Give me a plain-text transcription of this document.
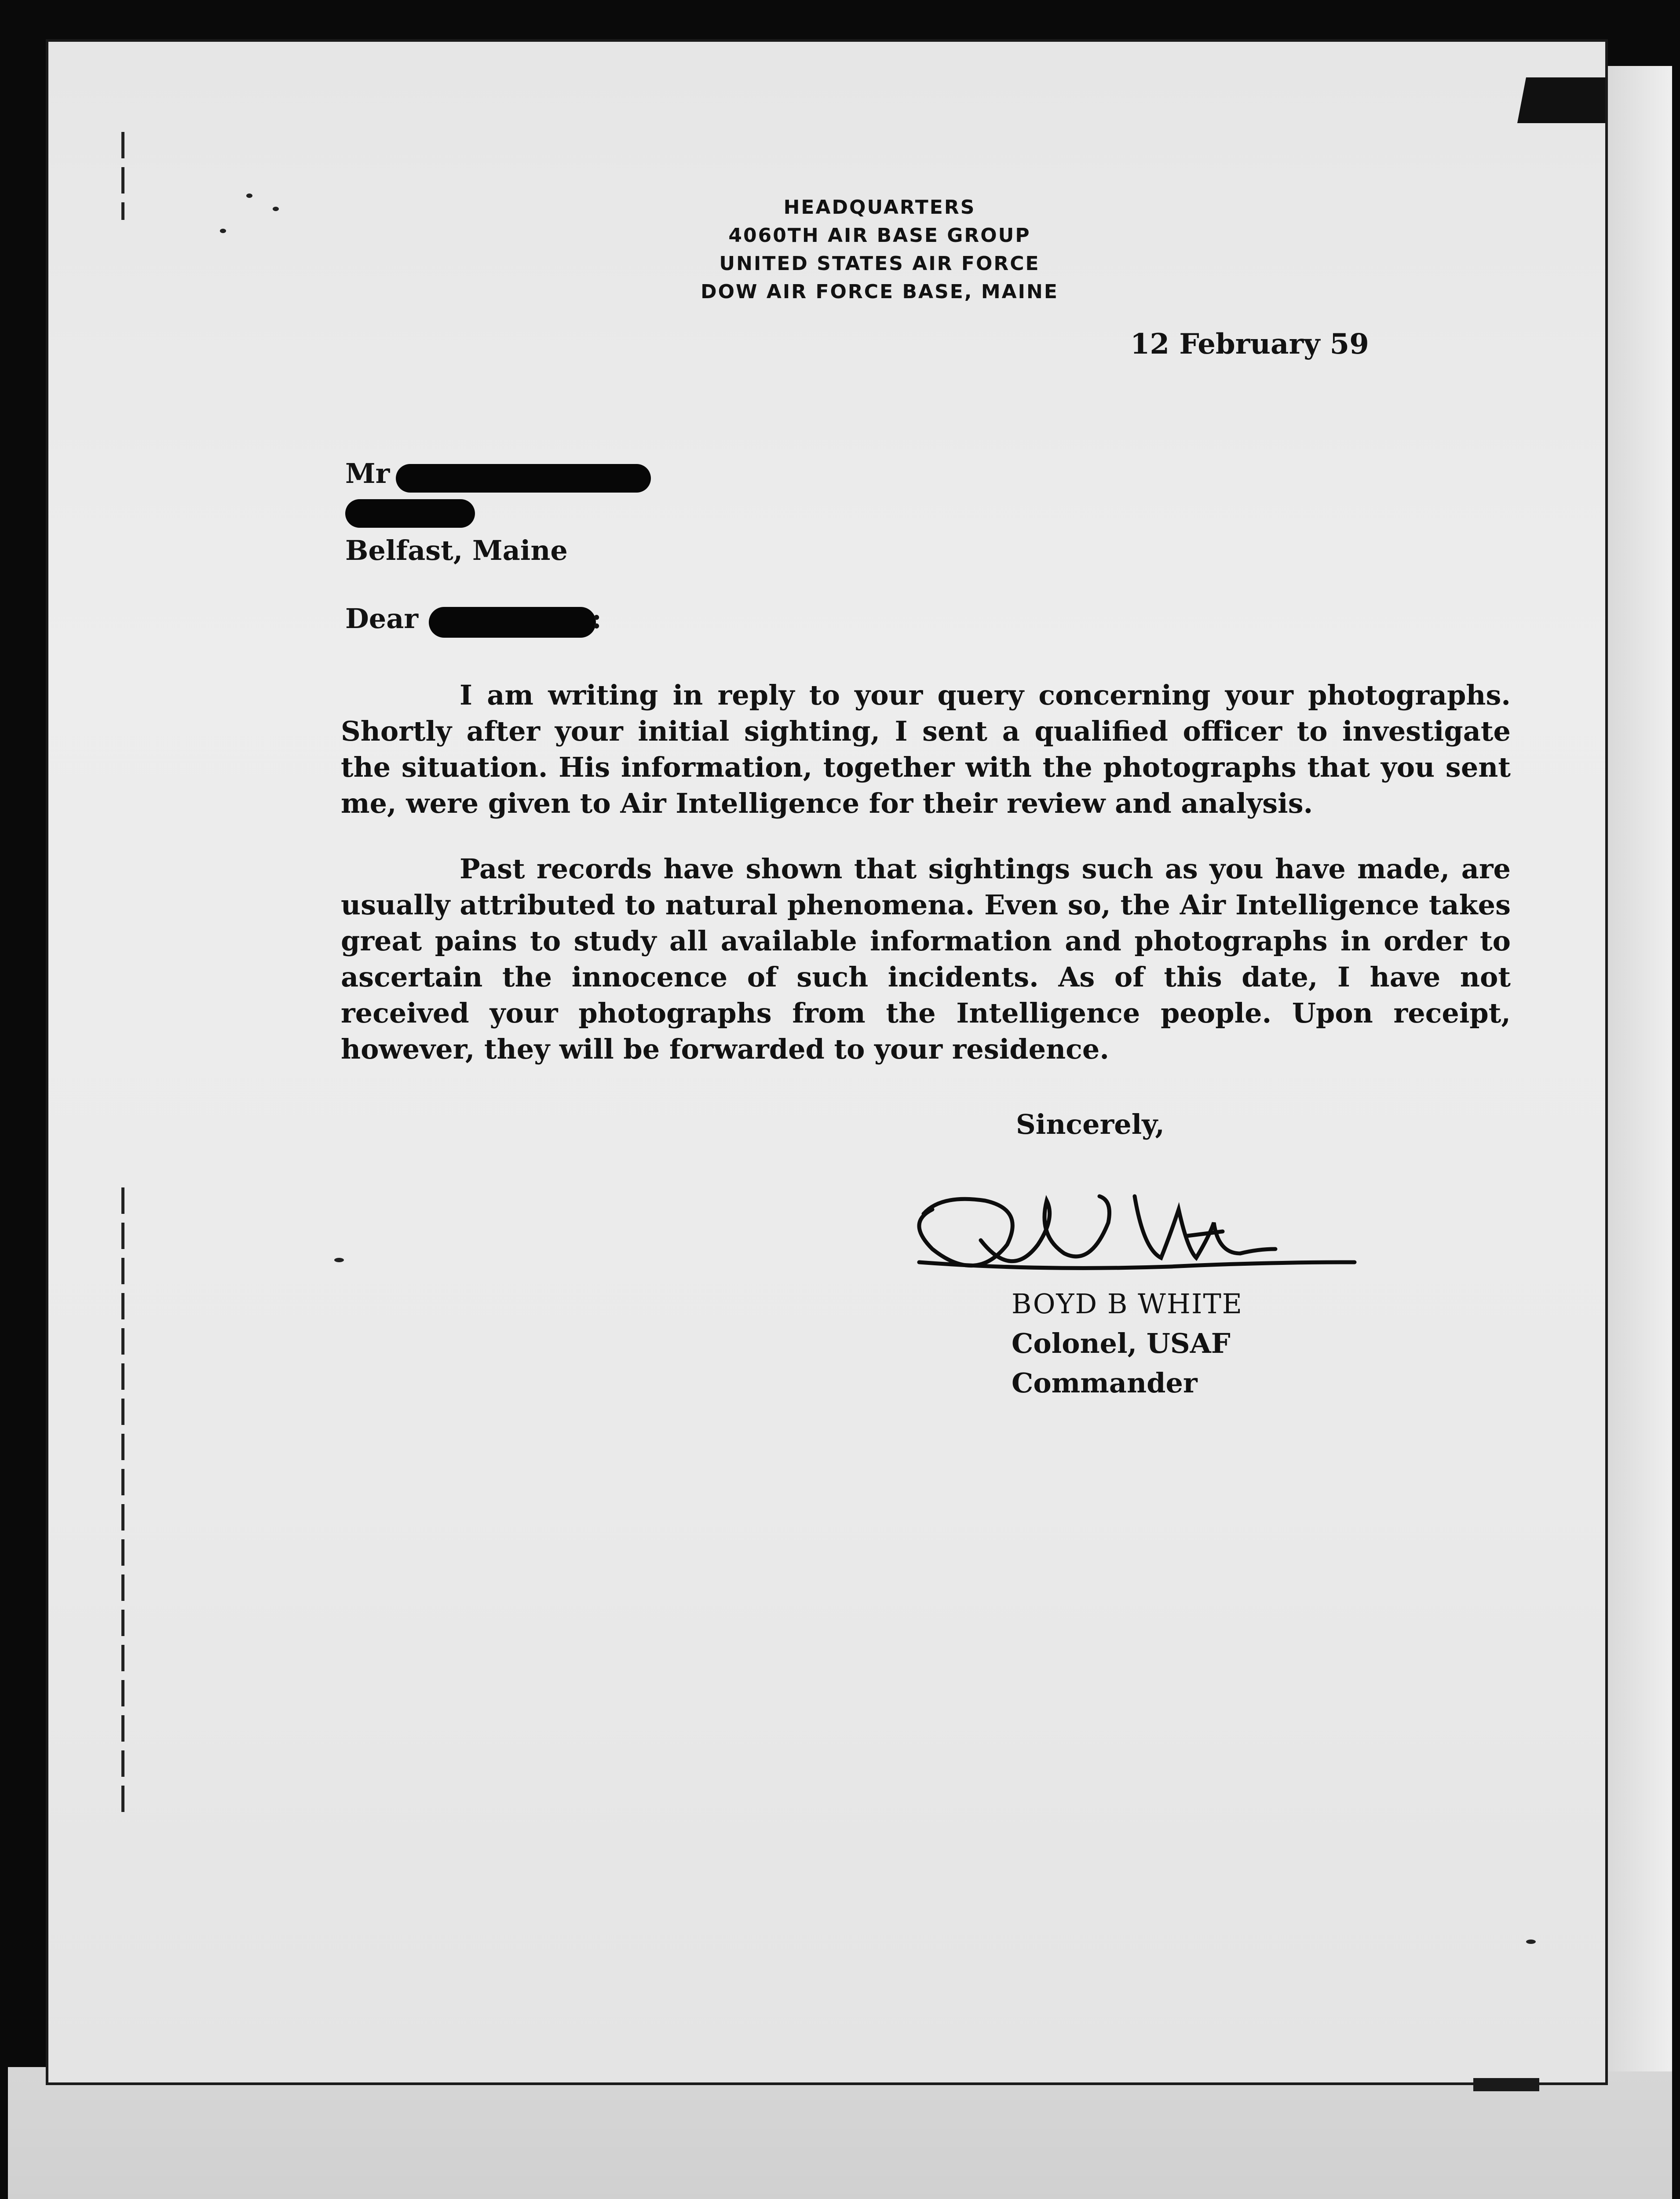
HEADQUARTERS
4060TH AIR BASE GROUP
UNITED STATES AIR FORCE
DOW AIR FORCE BASE, MAINE
12 February 59
Mr
Belfast, Maine
Dear	:

I am writing in reply to your query concerning your photographs. Shortly after your initial sighting, I sent a qualified officer to investigate the situation. His information, together with the photographs that you sent me, were given to Air Intelligence for their review and analysis.

Past records have shown that sightings such as you have made, are usually attributed to natural phenomena. Even so, the Air Intelligence takes great pains to study all available information and photographs in order to ascertain the innocence of such incidents. As of this date, I have not received your photographs from the Intelligence people. Upon receipt, however, they will be forwarded to your residence.

Sincerely,
BOYD B WHITE
Colonel, USAF
Commander
